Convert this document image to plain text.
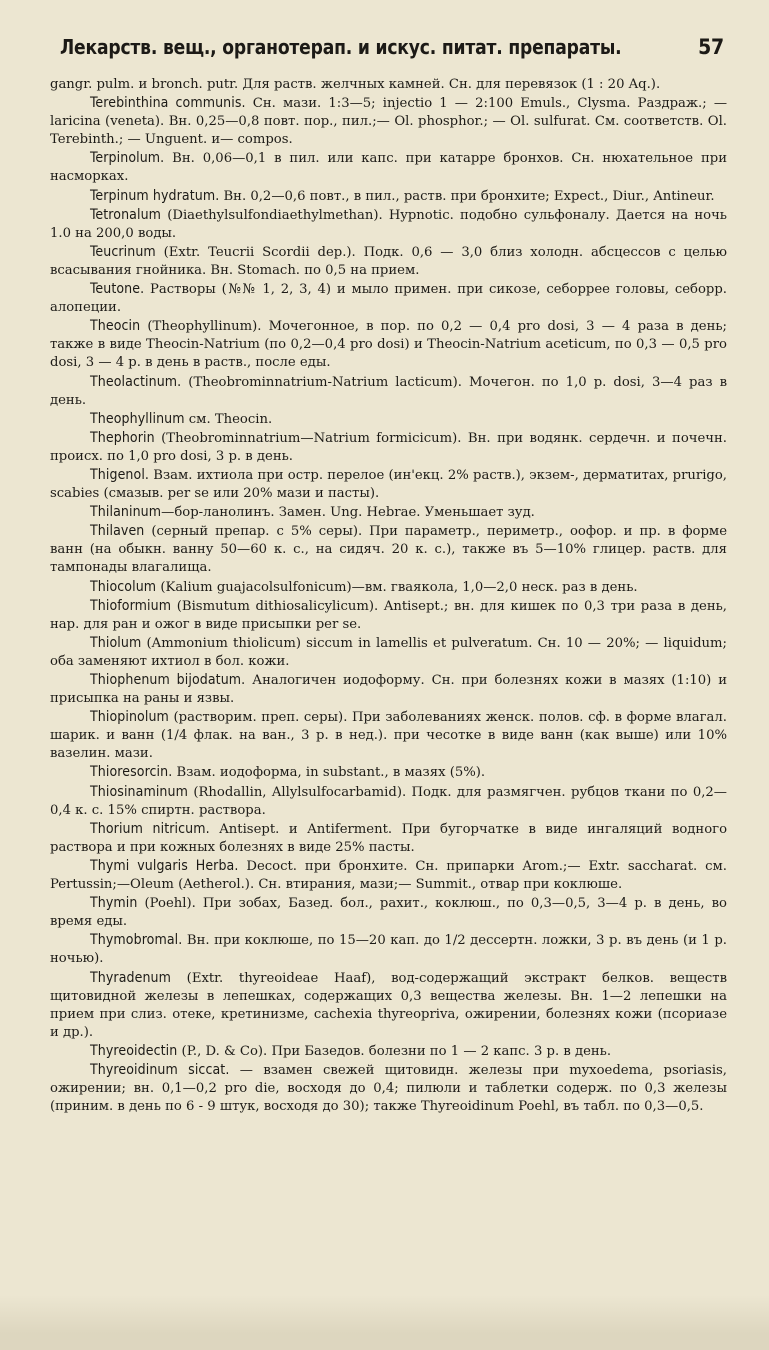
Лекарств. вещ., органотерап. и искус. питат. препараты.	57

gangr. pulm. и bronch. putr. Для раств. желчных камней. Сн. для перевязок (1 : 20 Aq.).

Terebinthina communis. Сн. мази. 1:3—5; injectio 1 — 2:100 Emuls., Clysma. Раздраж.; — laricina (veneta). Вн. 0,25—0,8 повт. пор., пил.;— Ol. phosphor.; — Ol. sulfurat. См. соответств. Ol. Terebinth.; — Unguent. и— compos.

Terpinolum. Вн. 0,06—0,1 в пил. или капс. при катарре бронхов. Сн. нюхательное при насморках.

Terpinum hydratum. Вн. 0,2—0,6 повт., в пил., раств. при бронхите; Expect., Diur., Antineur.

Tetronalum (Diaethylsulfondiaethylmethan). Hypnotic. подобно сульфоналу. Дается на ночь 1.0 на 200,0 воды.

Teucrinum (Extr. Teucrii Scordii dep.). Подк. 0,6 — 3,0 близ холодн. абсцессов с целью всасывания гнойника. Вн. Stomach. по 0,5 на прием.

Teutone. Растворы (№№ 1, 2, 3, 4) и мыло примен. при сикозе, себоррее головы, себорр. алопеции.

Theocin (Theophyllinum). Мочегонное, в пор. по 0,2 — 0,4 pro dosi, 3 — 4 раза в день; также в виде Theocin-Natrium (по 0,2—0,4 pro dosi) и Theocin-Natrium aceticum, по 0,3 — 0,5 pro dosi, 3 — 4 р. в день в раств., после еды.

Theolactinum. (Theobrominnatrium-Natrium lacticum). Мочегон. по 1,0 p. dosi, 3—4 раз в день.

Theophyllinum см. Theocin.

Thephorin (Theobrominnatrium—Natrium formicicum). Вн. при водянк. сердечн. и почечн. происх. по 1,0 pro dosi, 3 р. в день.

Thigenol. Взам. ихтиола при остр. перелое (ин'екц. 2% раств.), экзем-, дерматитах, prurigo, scabies (смазыв. per se или 20% мази и пасты).

Thilaninum—бор-ланолинъ. Замен. Ung. Hebrae. Уменьшает зуд.

Thilaven (серный препар. с 5% серы). При параметр., периметр., оофор. и пр. в форме ванн (на обыкн. ванну 50—60 к. с., на сидяч. 20 к. с.), также въ 5—10% глицер. раств. для тампонады влагалища.

Thiocolum (Kalium guajacolsulfonicum)—вм. гваякола, 1,0—2,0 неск. раз в день.

Thioformium (Bismutum dithiosalicylicum). Antisept.; вн. для кишек по 0,3 три раза в день, нар. для ран и ожог в виде присыпки per se.

Thiolum (Ammonium thiolicum) siccum in lamellis et pulveratum. Сн. 10 — 20%; — liquidum; оба заменяют ихтиол в бол. кожи.

Thiophenum bijodatum. Аналогичен иодоформу. Сн. при болезнях кожи в мазях (1:10) и присыпка на раны и язвы.

Thiopinolum (растворим. преп. серы). При заболеваниях женск. полов. сф. в форме влагал. шарик. и ванн (1/4 флак. на ван., 3 р. в нед.). при чесотке в виде ванн (как выше) или 10% вазелин. мази.

Thioresorcin. Взам. иодоформа, in substant., в мазях (5%).

Thiosinaminum (Rhodallin, Allylsulfocarbamid). Подк. для размягчен. рубцов ткани по 0,2—0,4 к. с. 15% спиртн. раствора.

Thorium nitricum. Antisept. и Antiferment. При бугорчатке в виде ингаляций водного раствора и при кожных болезнях в виде 25% пасты.

Thymi vulgaris Herba. Decoct. при бронхите. Сн. припарки Arom.;— Extr. saccharat. см. Pertussin;—Oleum (Aetherol.). Сн. втирания, мази;— Summit., отвар при коклюше.

Thymin (Poehl). При зобах, Базед. бол., рахит., коклюш., по 0,3—0,5, 3—4 р. в день, во время еды.

Thymobromal. Вн. при коклюше, по 15—20 кап. до 1/2 дессертн. ложки, 3 р. въ день (и 1 р. ночью).

Thyradenum (Extr. thyreoideae Haaf), вод-содержащий экстракт белков. веществ щитовидной железы в лепешках, содержащих 0,3 вещества железы. Вн. 1—2 лепешки на прием при слиз. отеке, кретинизме, cachexia thyreopriva, ожирении, болезнях кожи (псориазе и др.).

Thyreoidectin (P., D. & Co). При Базедов. болезни по 1 — 2 капс. 3 р. в день.

Thyreoidinum siccat. — взамен свежей щитовидн. железы при myxoedema, psoriasis, ожирении; вн. 0,1—0,2 pro die, восходя до 0,4; пилюли и таблетки содерж. по 0,3 железы (приним. в день по 6 - 9 штук, восходя до 30); также Thyreoidinum Poehl, въ табл. по 0,3—0,5.
